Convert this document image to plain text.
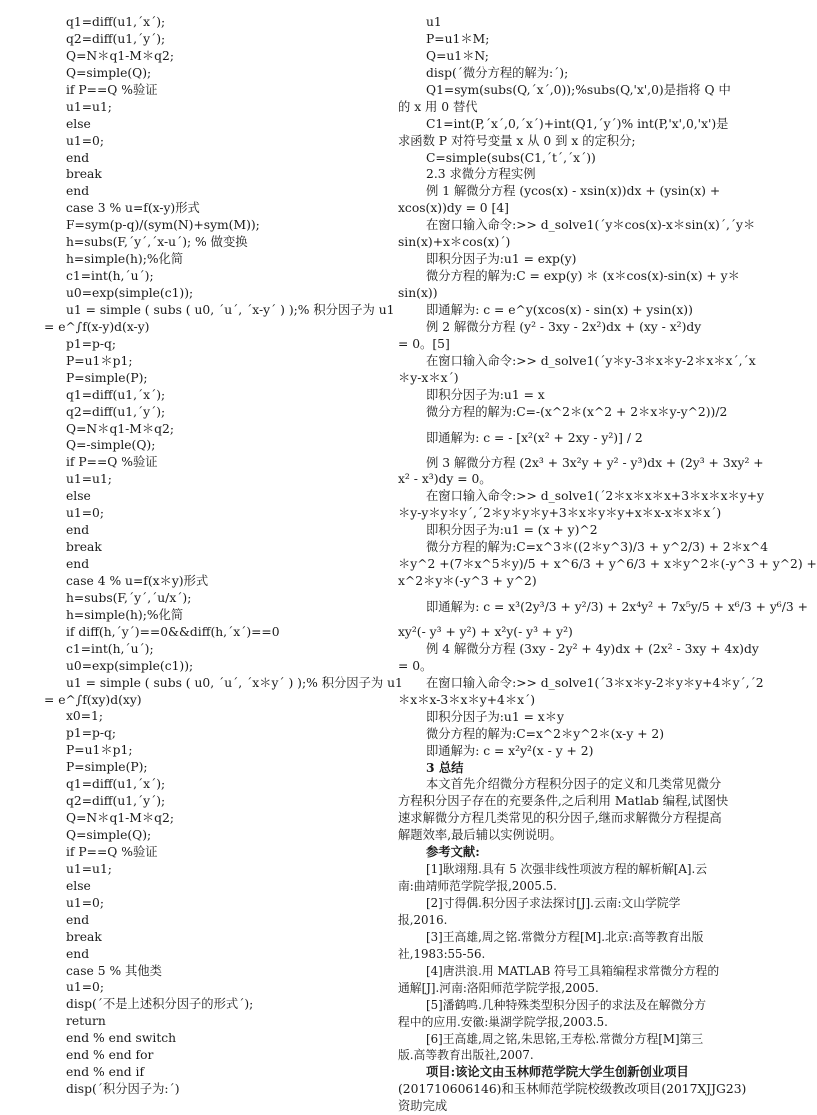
q1=diff(u1,´x´);
q2=diff(u1,´y´);
Q=N＊q1-M＊q2;
Q=simple(Q);
if P==Q %验证
u1=u1;
else
u1=0;
end
break
end
case 3 % u=f(x-y)形式
F=sym(p-q)/(sym(N)+sym(M));
h=subs(F,´y´,´x-u´); % 做变换
h=simple(h);%化简
c1=int(h,´u´);
u0=exp(simple(c1));
u1 = simple ( subs ( u0, ´u´, ´x-y´ ) );% 积分因子为 u1
= e^∫f(x-y)d(x-y)
p1=p-q;
P=u1＊p1;
P=simple(P);
q1=diff(u1,´x´);
q2=diff(u1,´y´);
Q=N＊q1-M＊q2;
Q=-simple(Q);
if P==Q %验证
u1=u1;
else
u1=0;
end
break
end
case 4 % u=f(x＊y)形式
h=subs(F,´y´,´u/x´);
h=simple(h);%化简
if diff(h,´y´)==0&&diff(h,´x´)==0
c1=int(h,´u´);
u0=exp(simple(c1));
u1 = simple ( subs ( u0, ´u´, ´x＊y´ ) );% 积分因子为 u1
= e^∫f(xy)d(xy)
x0=1;
p1=p-q;
P=u1＊p1;
P=simple(P);
q1=diff(u1,´x´);
q2=diff(u1,´y´);
Q=N＊q1-M＊q2;
Q=simple(Q);
if P==Q %验证
u1=u1;
else
u1=0;
end
break
end
case 5 % 其他类
u1=0;
disp(´不是上述积分因子的形式´);
return
end % end switch
end % end for
end % end if
disp(´积分因子为:´)
u1
P=u1＊M;
Q=u1＊N;
disp(´微分方程的解为:´);
Q1=sym(subs(Q,´x´,0));%subs(Q,'x',0)是指将 Q 中
的 x 用 0 替代
C1=int(P,´x´,0,´x´)+int(Q1,´y´)% int(P,'x',0,'x')是
求函数 P 对符号变量 x 从 0 到 x 的定积分;
C=simple(subs(C1,´t´,´x´))
2.3 求微分方程实例
例 1 解微分方程 (ycos(x) - xsin(x))dx + (ysin(x) +
xcos(x))dy = 0 [4]
在窗口输入命令:>> d_solve1(´y＊cos(x)-x＊sin(x)´,´y＊
sin(x)+x＊cos(x)´)
即积分因子为:u1 = exp(y)
微分方程的解为:C = exp(y) ＊ (x＊cos(x)-sin(x) + y＊
sin(x))
即通解为: c = e^y(xcos(x) - sin(x) + ysin(x))
例 2 解微分方程 (y² - 3xy - 2x²)dx + (xy - x²)dy
= 0。[5]
在窗口输入命令:>> d_solve1(´y＊y-3＊x＊y-2＊x＊x´,´x
＊y-x＊x´)
即积分因子为:u1 = x
微分方程的解为:C=-(x^2＊(x^2 + 2＊x＊y-y^2))/2
即通解为: c = - [x²(x² + 2xy - y²)] / 2
例 3 解微分方程 (2x³ + 3x²y + y² - y³)dx + (2y³ + 3xy² +
x² - x³)dy = 0。
在窗口输入命令:>> d_solve1(´2＊x＊x＊x+3＊x＊x＊y+y
＊y-y＊y＊y´,´2＊y＊y＊y+3＊x＊y＊y+x＊x-x＊x＊x´)
即积分因子为:u1 = (x + y)^2
微分方程的解为:C=x^3＊((2＊y^3)/3 + y^2/3) + 2＊x^4
＊y^2 +(7＊x^5＊y)/5 + x^6/3 + y^6/3 + x＊y^2＊(-y^3 + y^2) +
x^2＊y＊(-y^3 + y^2)
即通解为: c = x³(2y³/3 + y²/3) + 2x⁴y² + 7x⁵y/5 + x⁶/3 + y⁶/3 +
xy²(- y³ + y²) + x²y(- y³ + y²)
例 4 解微分方程 (3xy - 2y² + 4y)dx + (2x² - 3xy + 4x)dy
= 0。
在窗口输入命令:>> d_solve1(´3＊x＊y-2＊y＊y+4＊y´,´2
＊x＊x-3＊x＊y+4＊x´)
即积分因子为:u1 = x＊y
微分方程的解为:C=x^2＊y^2＊(x-y + 2)
即通解为: c = x²y²(x - y + 2)
3 总结
本文首先介绍微分方程积分因子的定义和几类常见微分
方程积分因子存在的充要条件,之后利用 Matlab 编程,试图快
速求解微分方程几类常见的积分因子,继而求解微分方程提高
解题效率,最后辅以实例说明。
参考文献:
[1]耿翊翔.具有 5 次强非线性项波方程的解析解[A].云
南:曲靖师范学院学报,2005.5.
[2]寸得偶.积分因子求法探讨[J].云南:文山学院学
报,2016.
[3]王高雄,周之铭.常微分方程[M].北京:高等教育出版
社,1983:55-56.
[4]唐洪浪.用 MATLAB 符号工具箱编程求常微分方程的
通解[J].河南:洛阳师范学院学报,2005.
[5]潘鹤鸣.几种特殊类型积分因子的求法及在解微分方
程中的应用.安徽:巢湖学院学报,2003.5.
[6]王高雄,周之铭,朱思铭,王寿松.常微分方程[M]第三
版.高等教育出版社,2007.
项目:该论文由玉林师范学院大学生创新创业项目
(201710606146)和玉林师范学院校级教改项目(2017XJJG23)
资助完成
